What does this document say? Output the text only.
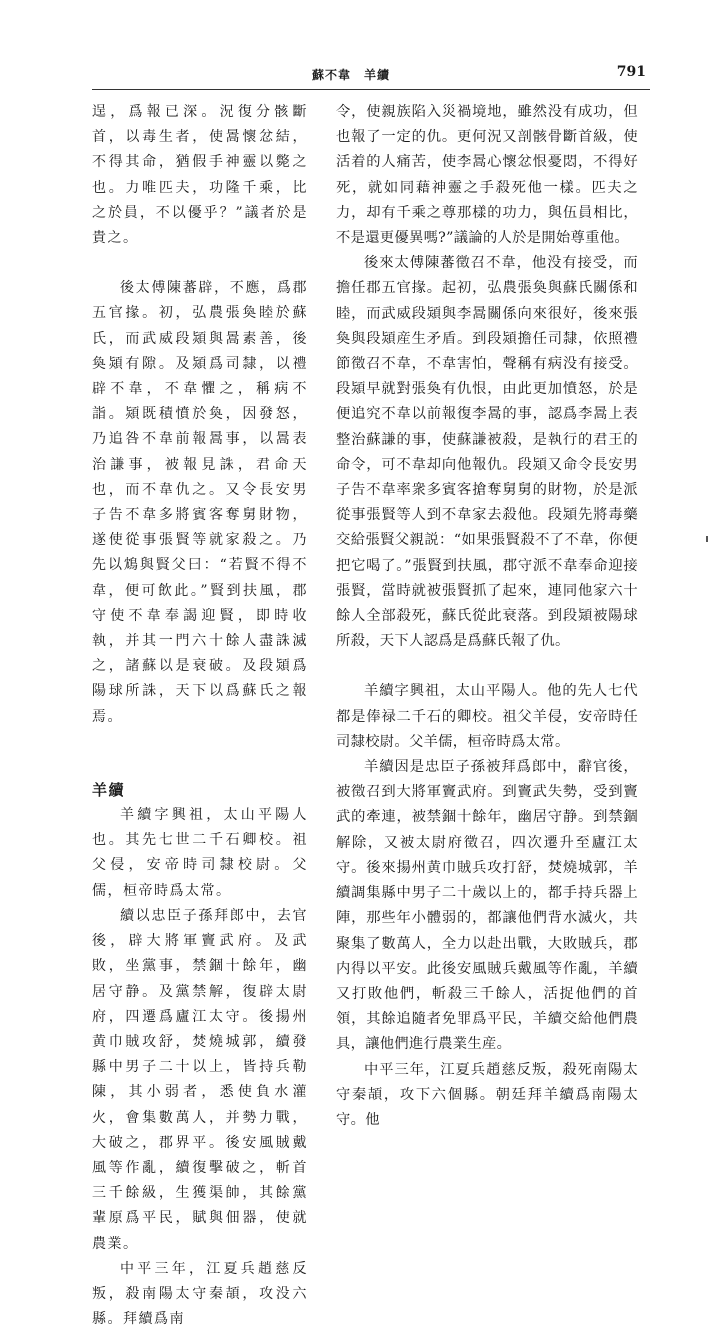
蘇不韋　羊續	791

逞，爲報已深。況復分骸斷首，以毒生者，使暠懷忿結，不得其命，猶假手神靈以斃之也。力唯匹夫，功隆千乘，比之於員，不以優乎？”議者於是貴之。

後太傅陳蕃辟，不應，爲郡五官掾。初，弘農張奐睦於蘇氏，而武威段熲與暠素善，後奐熲有隙。及熲爲司隸，以禮辟不韋，不韋懼之，稱病不詣。熲既積憤於奐，因發怒，乃追咎不韋前報暠事，以暠表治謙事，被報見誅，君命天也，而不韋仇之。又令長安男子告不韋多將賓客奪舅財物，遂使從事張賢等就家殺之。乃先以鴆與賢父曰：“若賢不得不韋，便可飲此。”賢到扶風，郡守使不韋奉謁迎賢，即時收執，并其一門六十餘人盡誅滅之，諸蘇以是衰破。及段熲爲陽球所誅，天下以爲蘇氏之報焉。

羊續

羊續字興祖，太山平陽人也。其先七世二千石卿校。祖父侵，安帝時司隸校尉。父儒，桓帝時爲太常。

續以忠臣子孫拜郎中，去官後，辟大將軍竇武府。及武敗，坐黨事，禁錮十餘年，幽居守静。及黨禁解，復辟太尉府，四遷爲廬江太守。後揚州黄巾賊攻舒，焚燒城郭，續發縣中男子二十以上，皆持兵勒陳，其小弱者，悉使負水灌火，會集數萬人，并勢力戰，大破之，郡界平。後安風賊戴風等作亂，續復擊破之，斬首三千餘級，生獲渠帥，其餘黨輩原爲平民，賦與佃器，使就農業。

中平三年，江夏兵趙慈反叛，殺南陽太守秦頡，攻没六縣。拜續爲南

令，使親族陷入災禍境地，雖然没有成功，但也報了一定的仇。更何況又剖骸骨斷首級，使活着的人痛苦，使李暠心懷忿恨憂悶，不得好死，就如同藉神靈之手殺死他一樣。匹夫之力，却有千乘之尊那樣的功力，與伍員相比，不是還更優異嗎?”議論的人於是開始尊重他。

後來太傅陳蕃徵召不韋，他没有接受，而擔任郡五官掾。起初，弘農張奐與蘇氏關係和睦，而武威段熲與李暠關係向來很好，後來張奐與段熲産生矛盾。到段熲擔任司隸，依照禮節徵召不韋，不韋害怕，聲稱有病没有接受。段熲早就對張奐有仇恨，由此更加憤怒，於是便追究不韋以前報復李暠的事，認爲李暠上表整治蘇謙的事，使蘇謙被殺，是執行的君王的命令，可不韋却向他報仇。段熲又命令長安男子告不韋率衆多賓客搶奪舅舅的財物，於是派從事張賢等人到不韋家去殺他。段熲先將毒藥交給張賢父親説：“如果張賢殺不了不韋，你便把它喝了。”張賢到扶風，郡守派不韋奉命迎接張賢，當時就被張賢抓了起來，連同他家六十餘人全部殺死，蘇氏從此衰落。到段熲被陽球所殺，天下人認爲是爲蘇氏報了仇。

羊續字興祖，太山平陽人。他的先人七代都是俸禄二千石的卿校。祖父羊侵，安帝時任司隸校尉。父羊儒，桓帝時爲太常。

羊續因是忠臣子孫被拜爲郎中，辭官後，被徵召到大將軍竇武府。到竇武失勢，受到竇武的牽連，被禁錮十餘年，幽居守静。到禁錮解除，又被太尉府徵召，四次遷升至廬江太守。後來揚州黄巾賊兵攻打舒，焚燒城郭，羊續調集縣中男子二十歲以上的，都手持兵器上陣，那些年小體弱的，都讓他們背水滅火，共聚集了數萬人，全力以赴出戰，大敗賊兵，郡内得以平安。此後安風賊兵戴風等作亂，羊續又打敗他們，斬殺三千餘人，活捉他們的首領，其餘追隨者免罪爲平民，羊續交給他們農具，讓他們進行農業生産。

中平三年，江夏兵趙慈反叛，殺死南陽太守秦頡，攻下六個縣。朝廷拜羊續爲南陽太守。他
